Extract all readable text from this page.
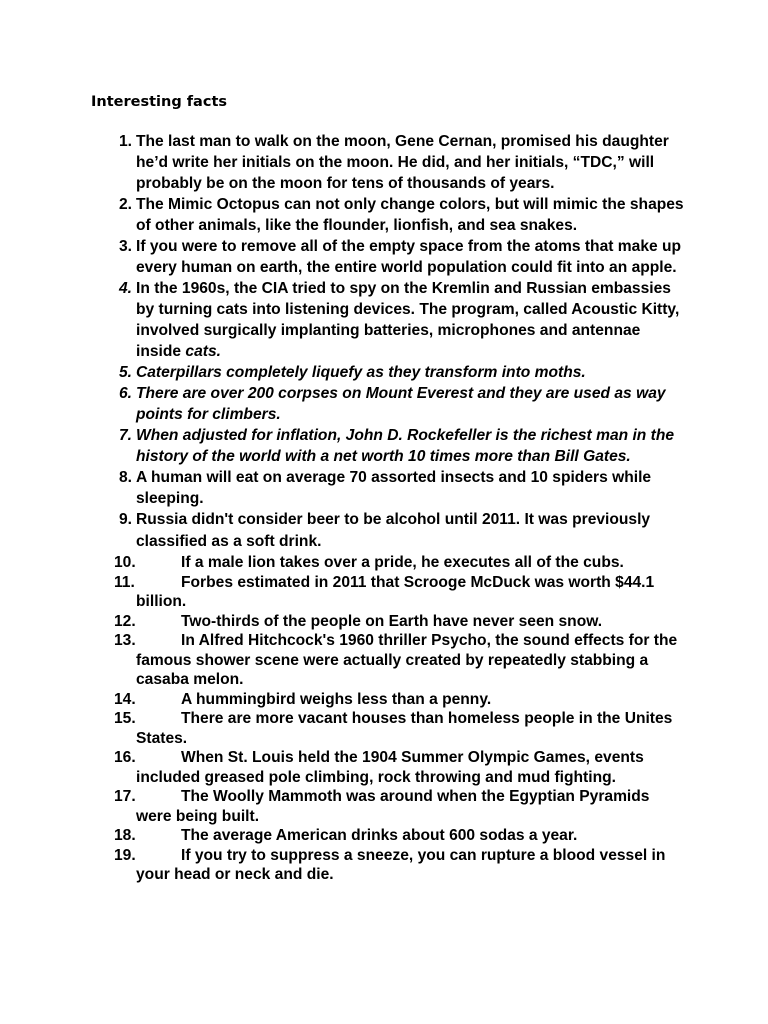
Interesting facts
1. The last man to walk on the moon, Gene Cernan, promised his daughter he’d write her initials on the moon. He did, and her initials, “TDC,” will probably be on the moon for tens of thousands of years.
2. The Mimic Octopus can not only change colors, but will mimic the shapes of other animals, like the flounder, lionfish, and sea snakes.
3. If you were to remove all of the empty space from the atoms that make up every human on earth, the entire world population could fit into an apple.
4. In the 1960s, the CIA tried to spy on the Kremlin and Russian embassies by turning cats into listening devices. The program, called Acoustic Kitty, involved surgically implanting batteries, microphones and antennae inside cats.
5. Caterpillars completely liquefy as they transform into moths.
6. There are over 200 corpses on Mount Everest and they are used as way points for climbers.
7. When adjusted for inflation, John D. Rockefeller is the richest man in the history of the world with a net worth 10 times more than Bill Gates.
8. A human will eat on average 70 assorted insects and 10 spiders while sleeping.
9. Russia didn't consider beer to be alcohol until 2011. It was previously classified as a soft drink.
10.	If a male lion takes over a pride, he executes all of the cubs.
11.	Forbes estimated in 2011 that Scrooge McDuck was worth $44.1 billion.
12.	Two-thirds of the people on Earth have never seen snow.
13.	In Alfred Hitchcock's 1960 thriller Psycho, the sound effects for the famous shower scene were actually created by repeatedly stabbing a casaba melon.
14.	A hummingbird weighs less than a penny.
15.	There are more vacant houses than homeless people in the Unites States.
16.	When St. Louis held the 1904 Summer Olympic Games, events included greased pole climbing, rock throwing and mud fighting.
17.	The Woolly Mammoth was around when the Egyptian Pyramids were being built.
18.	The average American drinks about 600 sodas a year.
19.	If you try to suppress a sneeze, you can rupture a blood vessel in your head or neck and die.
